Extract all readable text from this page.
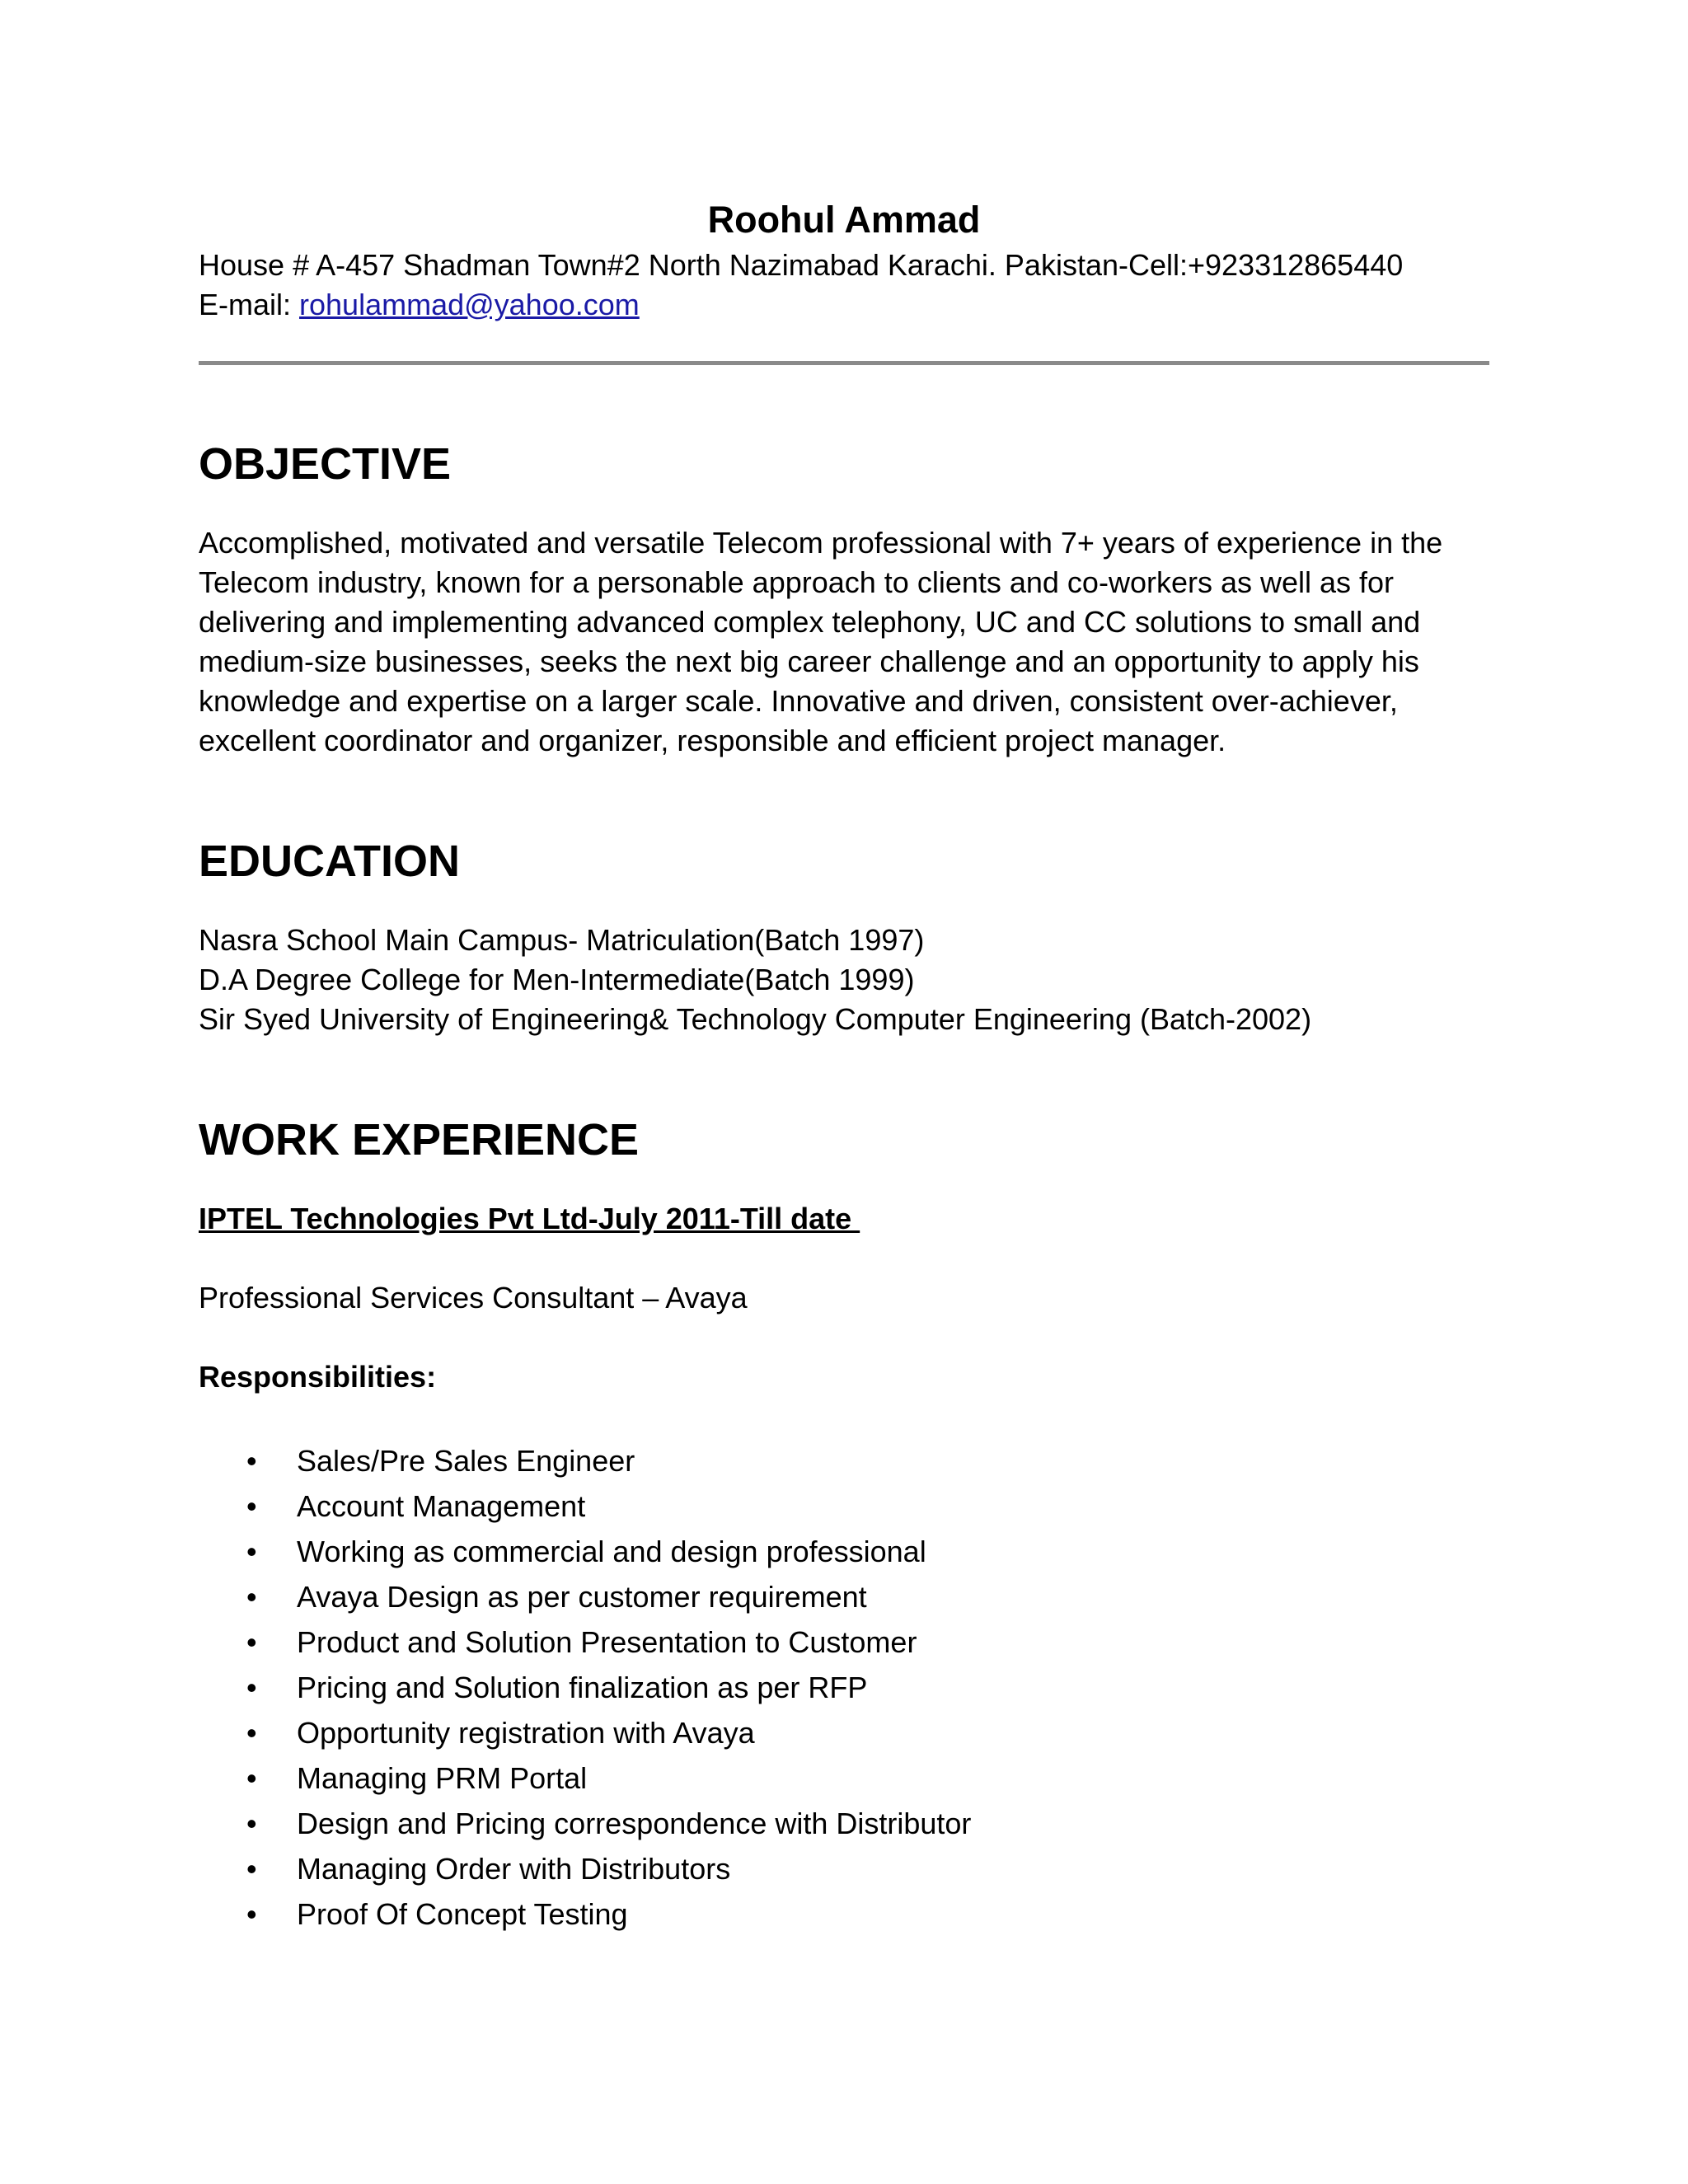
Roohul Ammad

House # A-457 Shadman Town#2 North Nazimabad Karachi. Pakistan-Cell:+923312865440

E-mail: rohulammad@yahoo.com

OBJECTIVE

Accomplished, motivated and versatile Telecom professional with 7+ years of experience in the Telecom industry, known for a personable approach to clients and co-workers as well as for delivering and implementing advanced complex telephony, UC and CC solutions to small and medium-size businesses, seeks the next big career challenge and an opportunity to apply his knowledge and expertise on a larger scale. Innovative and driven, consistent over-achiever, excellent coordinator and organizer, responsible and efficient project manager.

EDUCATION
Nasra School Main Campus- Matriculation(Batch 1997)
D.A Degree College for Men-Intermediate(Batch 1999)
Sir Syed University of Engineering& Technology Computer Engineering (Batch-2002)
WORK EXPERIENCE

IPTEL Technologies Pvt Ltd-July 2011-Till date

Professional Services Consultant – Avaya

Responsibilities:

• Sales/Pre Sales Engineer
• Account Management
• Working as commercial and design professional
• Avaya Design as per customer requirement
• Product and Solution Presentation to Customer
• Pricing and Solution finalization as per RFP
• Opportunity registration with Avaya
• Managing PRM Portal
• Design and Pricing correspondence with Distributor
• Managing Order with Distributors
• Proof Of Concept Testing
